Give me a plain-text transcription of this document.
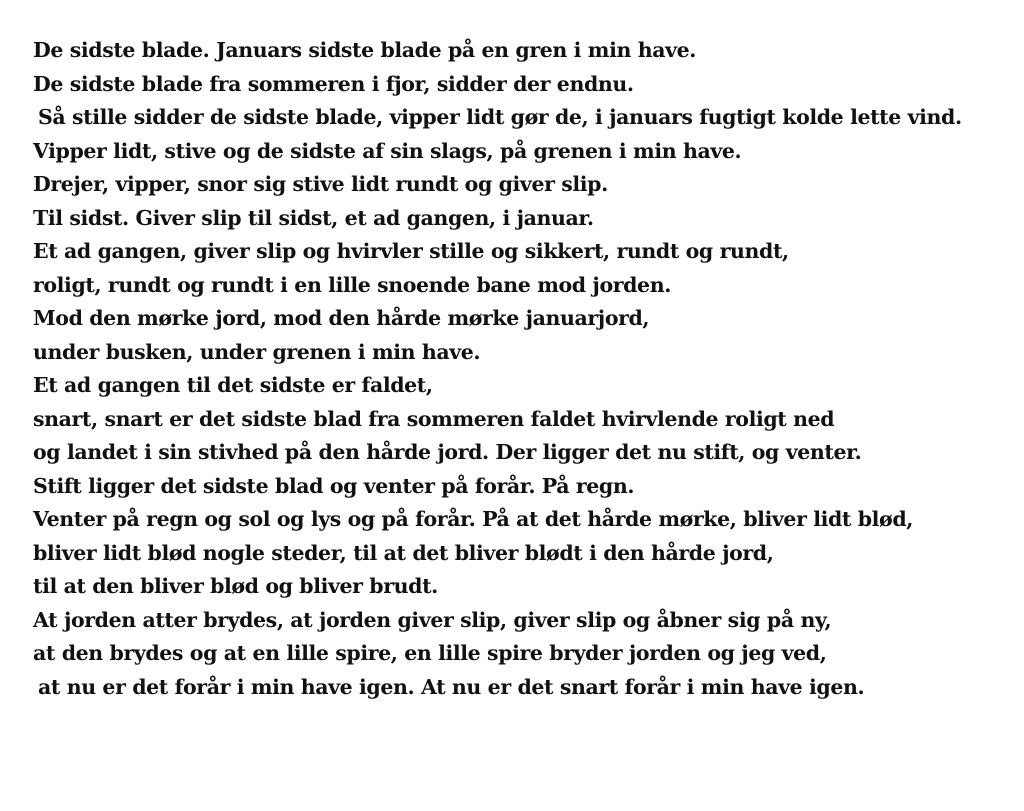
De sidste blade. Januars sidste blade på en gren i min have.
De sidste blade fra sommeren i fjor, sidder der endnu.
Så stille sidder de sidste blade, vipper lidt gør de, i januars fugtigt kolde lette vind.
Vipper lidt, stive og de sidste af sin slags, på grenen i min have.
Drejer, vipper, snor sig stive lidt rundt og giver slip.
Til sidst. Giver slip til sidst, et ad gangen, i januar.
Et ad gangen, giver slip og hvirvler stille og sikkert, rundt og rundt,
roligt, rundt og rundt i en lille snoende bane mod jorden.
Mod den mørke jord, mod den hårde mørke januarjord,
under busken, under grenen i min have.
Et ad gangen til det sidste er faldet,
snart, snart er det sidste blad fra sommeren faldet hvirvlende roligt ned
og landet i sin stivhed på den hårde jord. Der ligger det nu stift, og venter.
Stift ligger det sidste blad og venter på forår. På regn.
Venter på regn og sol og lys og på forår. På at det hårde mørke, bliver lidt blød,
bliver lidt blød nogle steder, til at det bliver blødt i den hårde jord,
til at den bliver blød og bliver brudt.
At jorden atter brydes, at jorden giver slip, giver slip og åbner sig på ny,
at den brydes og at en lille spire, en lille spire bryder jorden og jeg ved,
at nu er det forår i min have igen. At nu er det snart forår i min have igen.
